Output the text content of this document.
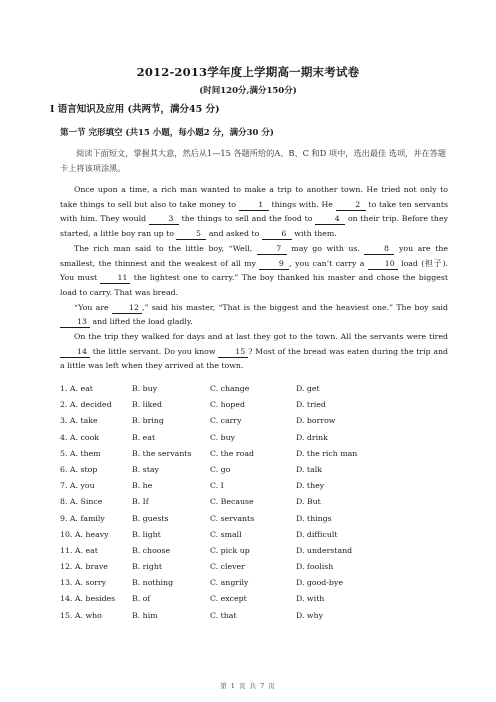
2012-2013学年度上学期高一期末考试卷
(时间120分,满分150分)
I 语言知识及应用 (共两节，满分45 分)
第一节 完形填空 (共15 小题，每小题2 分，满分30 分)
阅读下面短文，掌握其大意，然后从1—15 各题所给的A、B、C 和D 项中，选出最佳 选项，并在答题卡上将该项涂黑。

Once upon a time, a rich man wanted to make a trip to another town. He tried not only to take things to sell but also to take money to	1 things with. He	2 to take ten servants with him. They would	3 the things to sell and the food to	4 on their trip. Before they started, a little boy ran up to	5 and asked to	6 with them.

The rich man said to the little boy, “Well,	7 may go with us.	8 you are the smallest, the thinnest and the weakest of all my	9 , you can’t carry a 10 load (担子). You must 11 the lightest one to carry.” The boy thanked his master and chose the biggest load to carry. That was bread.

“You are 12 ,” said his master, “That is the biggest and the heaviest one.” The boy said 13 and lifted the load gladly.

On the trip they walked for days and at last they got to the town. All the servants were tired 14 the little servant. Do you know 15 ? Most of the bread was eaten during the trip and a little was left when they arrived at the town.

1. A. eat	B. buy	C. change	D. get
2. A. decided	B. liked	C. hoped	D. tried
3. A. take	B. bring	C. carry	D. borrow
4. A. cook	B. eat	C. buy	D. drink
5. A. them	B. the servants C. the road	D. the rich man
6. A. stop	B. stay	C. go	D. talk
7. A. you	B. he	C. I	D. they
8. A. Since	B. If	C. Because	D. But
9. A. family	B. guests	C. servants	D. things
10. A. heavy	B. light	C. small	D. difficult
11. A. eat	B. choose	C. pick up	D. understand
12. A. brave	B. right	C. clever	D. foolish
13. A. sorry	B. nothing	C. angrily	D. good-bye
14. A. besides B. of	C. except	D. with
15. A. who	B. him	C. that	D. why
第 1 页 共 7 页
